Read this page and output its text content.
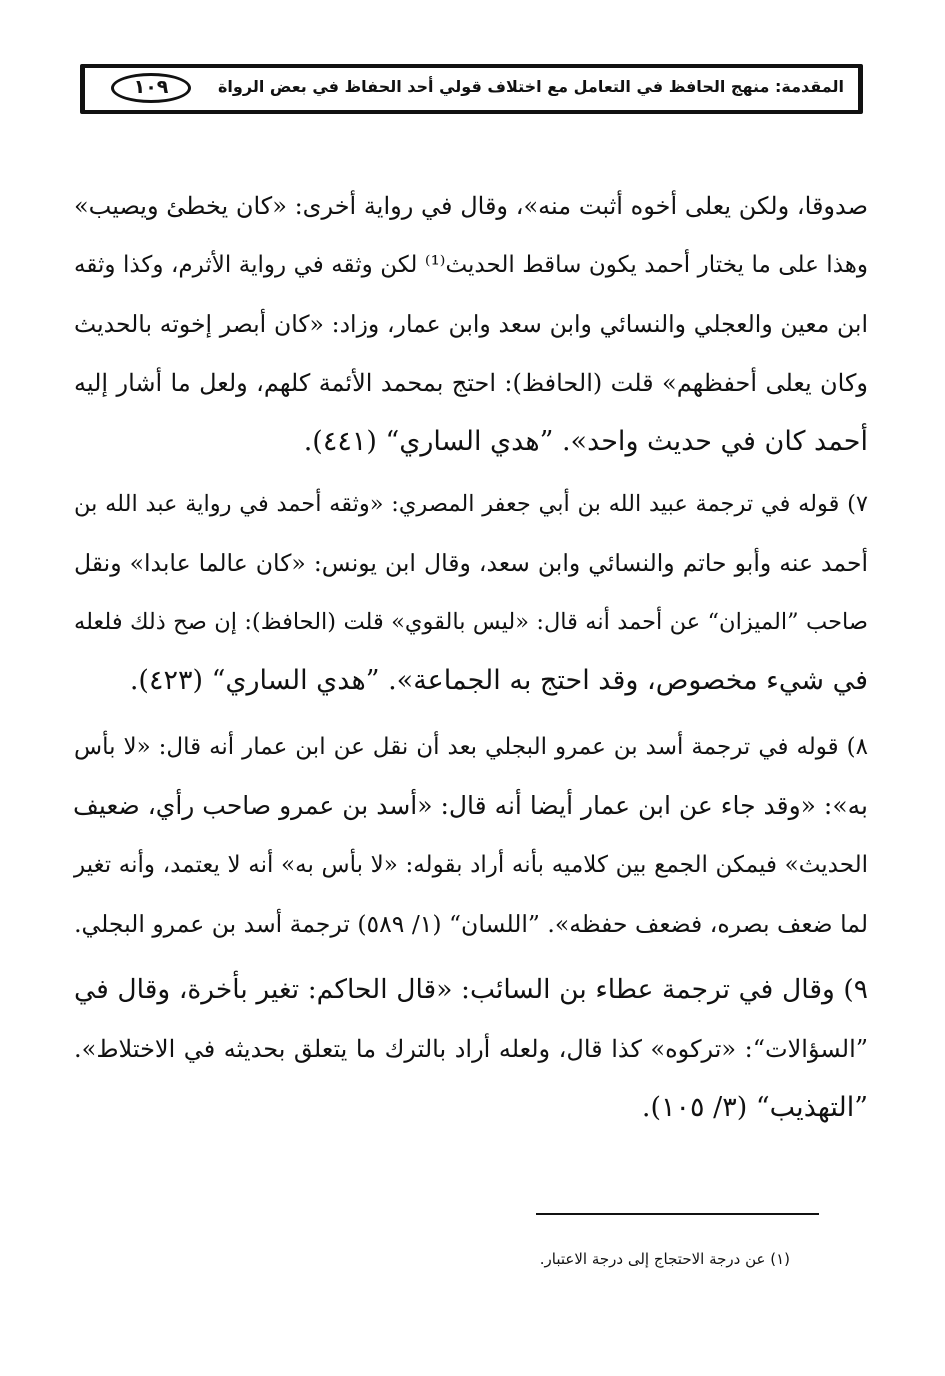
المقدمة: منهج الحافظ في التعامل مع اختلاف قولي أحد الحفاظ في بعض الرواة
١٠٩
صدوقا، ولكن يعلى أخوه أثبت منه»، وقال في رواية أخرى: «كان يخطئ ويصيب»
وهذا على ما يختار أحمد يكون ساقط الحديث⁽¹⁾ لكن وثقه في رواية الأثرم، وكذا وثقه
ابن معين والعجلي والنسائي وابن سعد وابن عمار، وزاد: «كان أبصر إخوته بالحديث
وكان يعلى أحفظهم» قلت (الحافظ): احتج بمحمد الأئمة كلهم، ولعل ما أشار إليه
أحمد كان في حديث واحد». ”هدي الساري“ (٤٤١).
٧) قوله في ترجمة عبيد الله بن أبي جعفر المصري: «وثقه أحمد في رواية عبد الله بن
أحمد عنه وأبو حاتم والنسائي وابن سعد، وقال ابن يونس: «كان عالما عابدا» ونقل
صاحب ”الميزان“ عن أحمد أنه قال: «ليس بالقوي» قلت (الحافظ): إن صح ذلك فلعله
في شيء مخصوص، وقد احتج به الجماعة». ”هدي الساري“ (٤٢٣).
٨) قوله في ترجمة أسد بن عمرو البجلي بعد أن نقل عن ابن عمار أنه قال: «لا بأس
به»: «وقد جاء عن ابن عمار أيضا أنه قال: «أسد بن عمرو صاحب رأي، ضعيف
الحديث» فيمكن الجمع بين كلاميه بأنه أراد بقوله: «لا بأس به» أنه لا يعتمد، وأنه تغير
لما ضعف بصره، فضعف حفظه». ”اللسان“ (١/ ٥٨٩) ترجمة أسد بن عمرو البجلي.
٩) وقال في ترجمة عطاء بن السائب: «قال الحاكم: تغير بأخرة، وقال في
”السؤالات“: «تركوه» كذا قال، ولعله أراد بالترك ما يتعلق بحديثه في الاختلاط».
”التهذيب“ (٣/ ١٠٥).
(١) عن درجة الاحتجاج إلى درجة الاعتبار.
